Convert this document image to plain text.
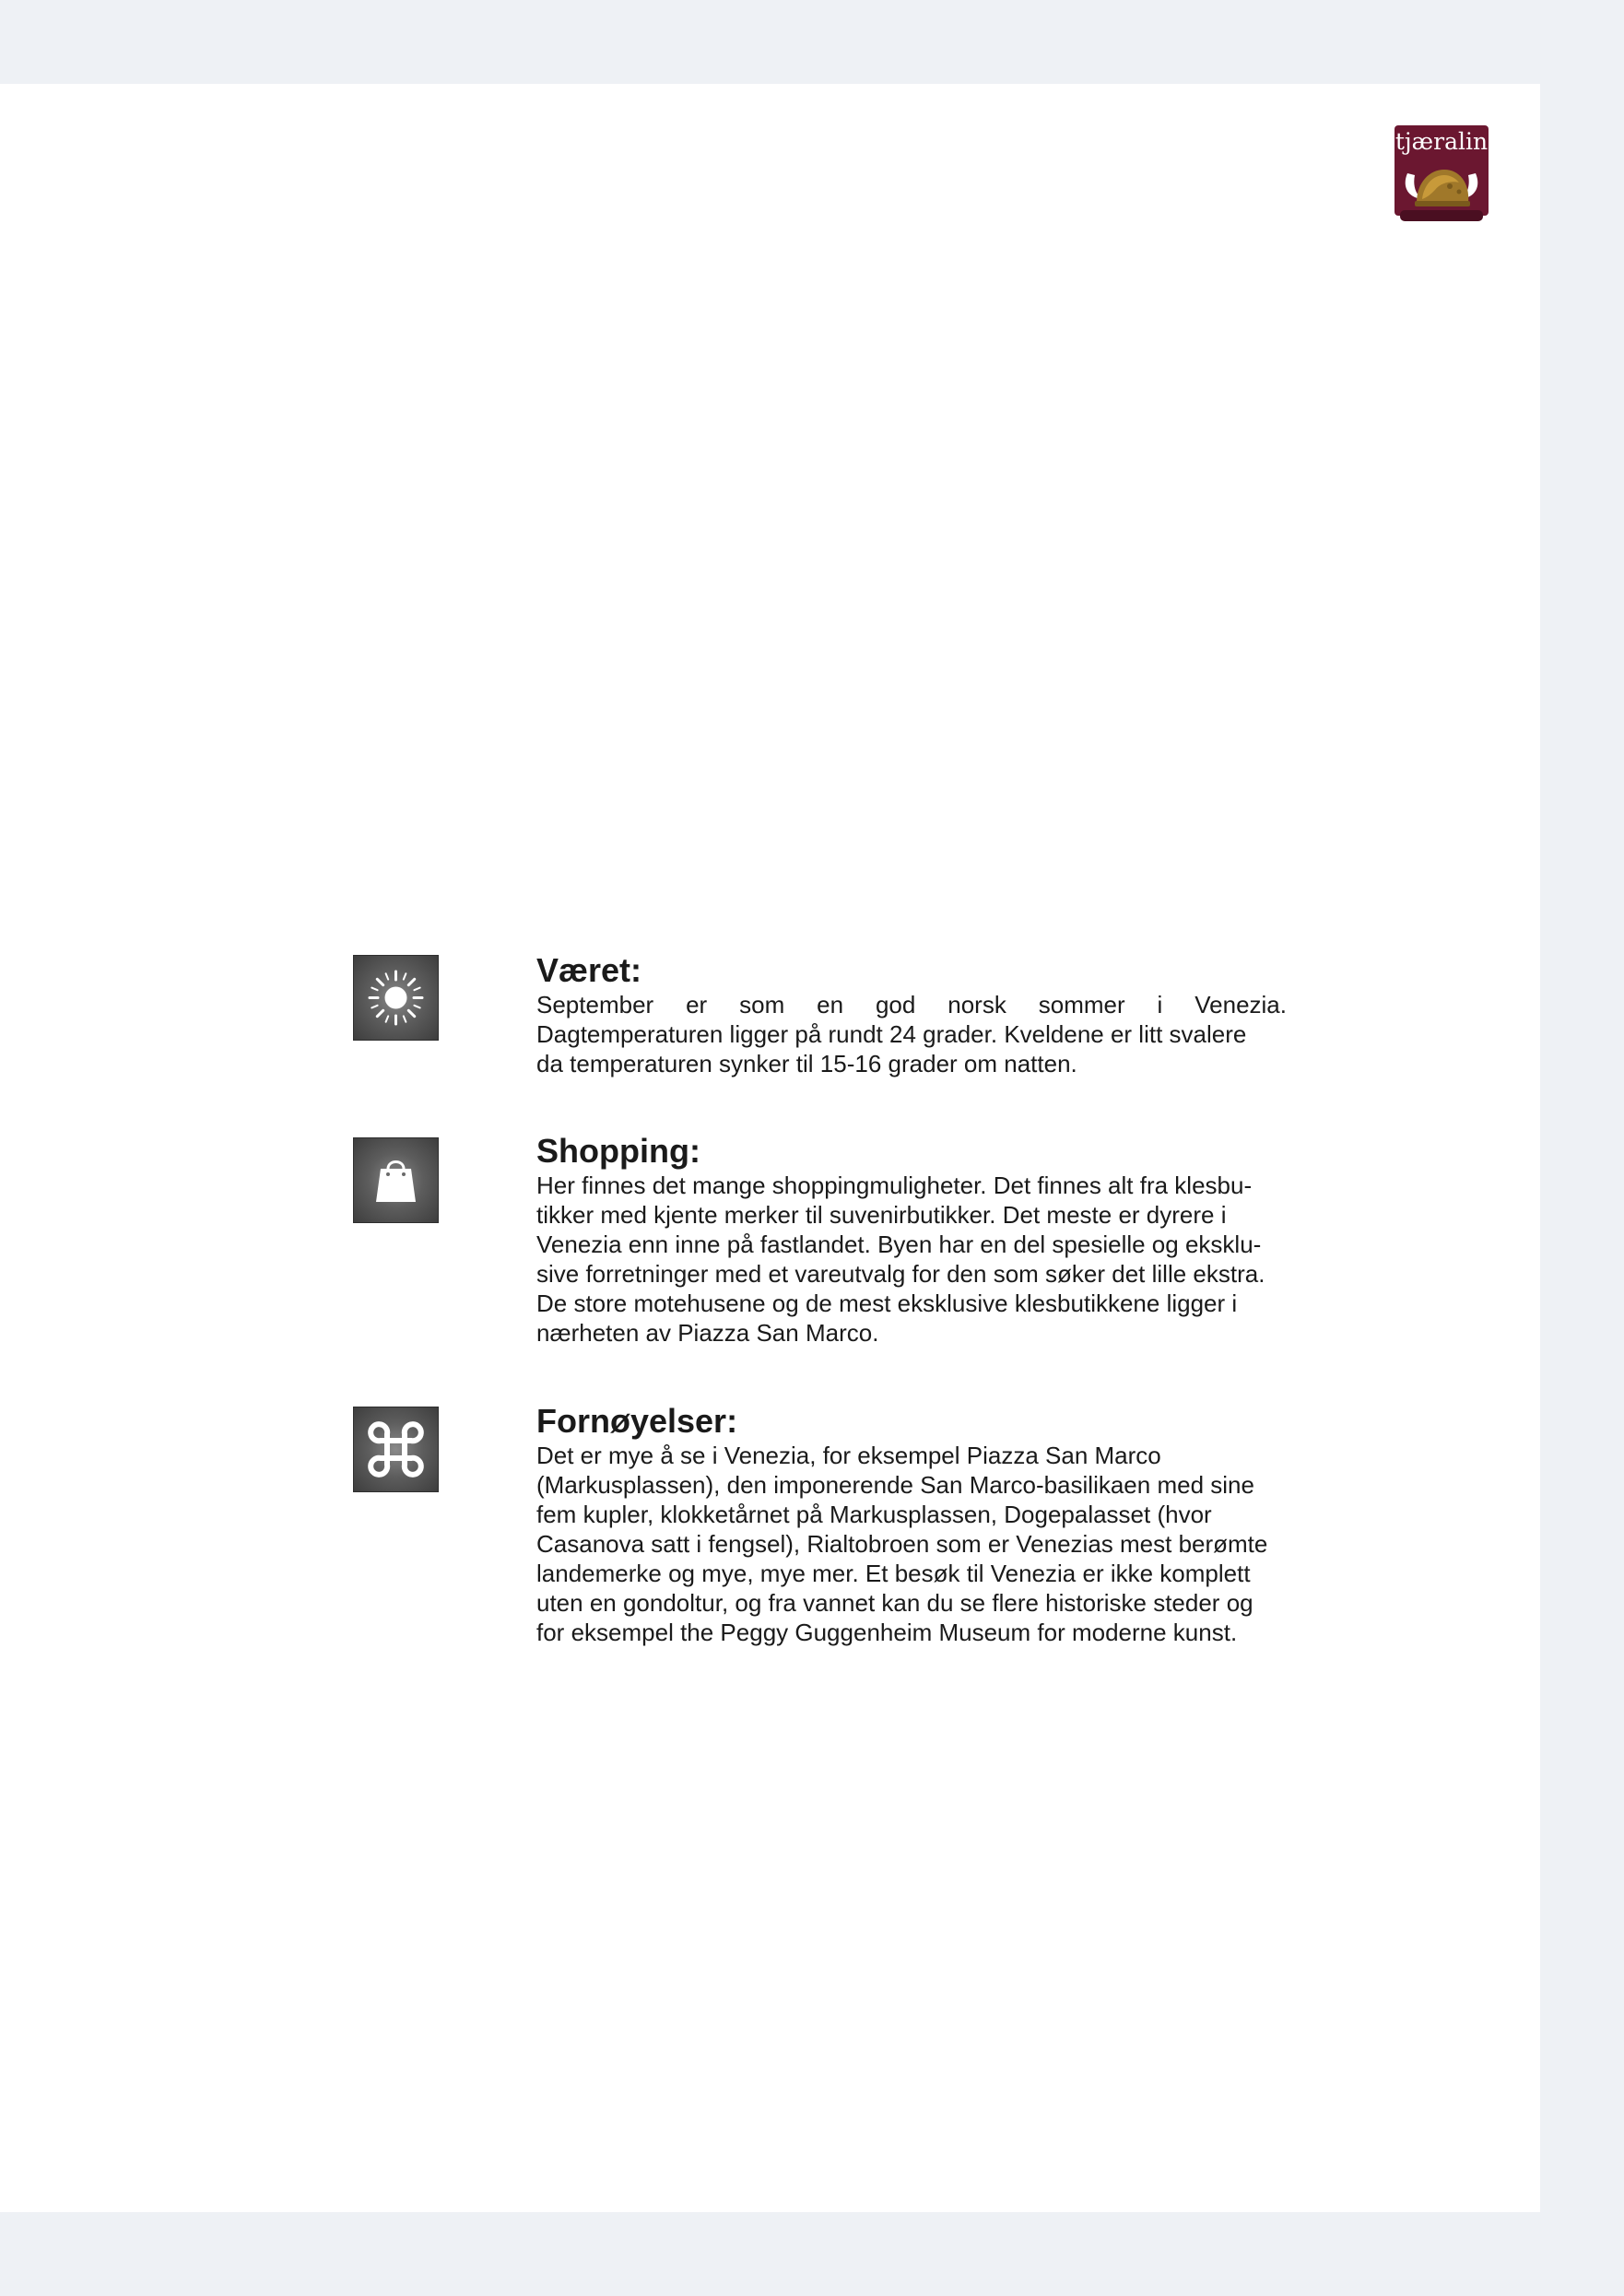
tjæralin
Været:
September er som en god norsk sommer i Venezia.
Dagtemperaturen ligger på rundt 24 grader. Kveldene er litt svalere
da temperaturen synker til 15-16 grader om natten.
Shopping:
Her finnes det mange shoppingmuligheter. Det finnes alt fra klesbu-
tikker med kjente merker til suvenirbutikker. Det meste er dyrere i
Venezia enn inne på fastlandet. Byen har en del spesielle og eksklu-
sive forretninger med et vareutvalg for den som søker det lille ekstra.
De store motehusene og de mest eksklusive klesbutikkene ligger i
nærheten av Piazza San Marco.
Fornøyelser:
Det er mye å se i Venezia, for eksempel Piazza San Marco
(Markusplassen), den imponerende San Marco-basilikaen med sine
fem kupler, klokketårnet på Markusplassen, Dogepalasset (hvor
Casanova satt i fengsel), Rialtobroen som er Venezias mest berømte
landemerke og mye, mye mer. Et besøk til Venezia er ikke komplett
uten en gondoltur, og fra vannet kan du se flere historiske steder og
for eksempel the Peggy Guggenheim Museum for moderne kunst.
